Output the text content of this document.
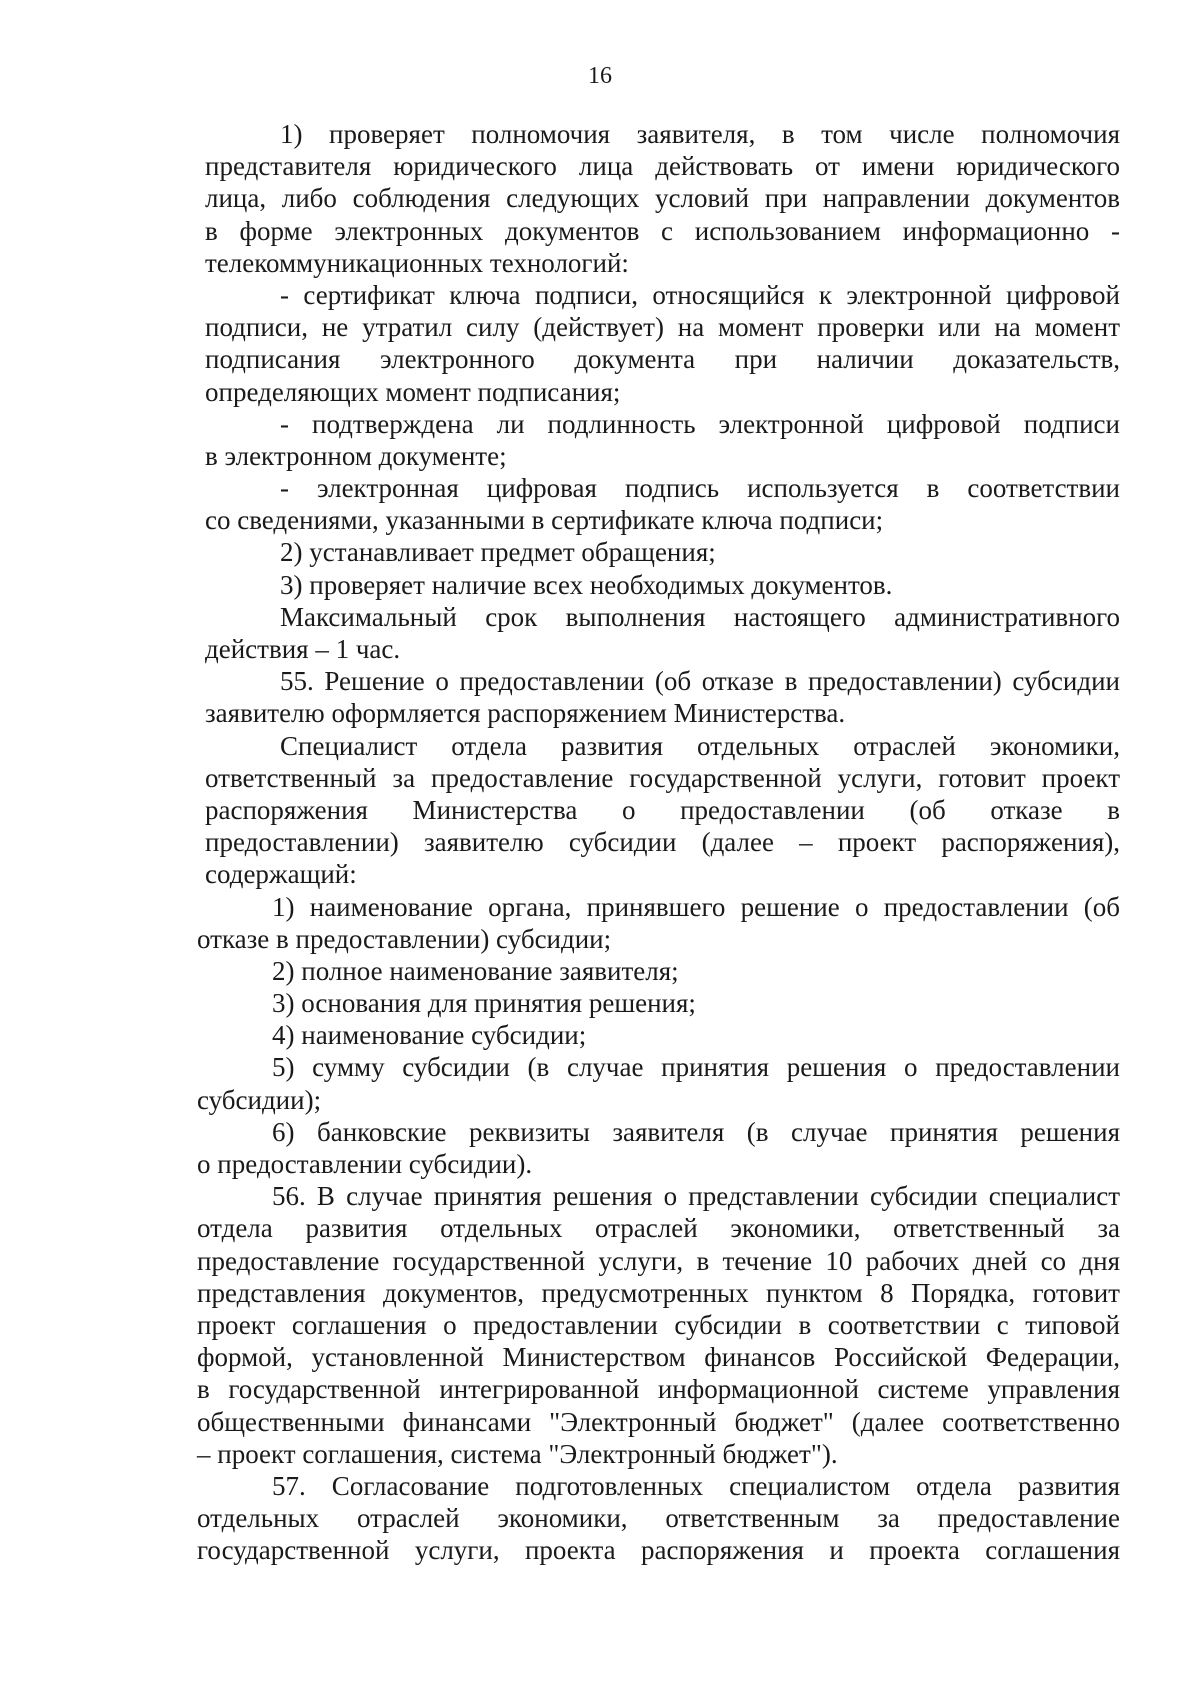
16
1) проверяет полномочия заявителя, в том числе полномочия
представителя юридического лица действовать от имени юридического
лица, либо соблюдения следующих условий при направлении документов
в форме электронных документов с использованием информационно -
телекоммуникационных технологий:
- сертификат ключа подписи, относящийся к электронной цифровой
подписи, не утратил силу (действует) на момент проверки или на момент
подписания электронного документа при наличии доказательств,
определяющих момент подписания;
- подтверждена ли подлинность электронной цифровой подписи
в электронном документе;
- электронная цифровая подпись используется в соответствии
со сведениями, указанными в сертификате ключа подписи;
2) устанавливает предмет обращения;
3) проверяет наличие всех необходимых документов.
Максимальный срок выполнения настоящего административного
действия – 1 час.
55. Решение о предоставлении (об отказе в предоставлении) субсидии
заявителю оформляется распоряжением Министерства.
Специалист отдела развития отдельных отраслей экономики,
ответственный за предоставление государственной услуги, готовит проект
распоряжения Министерства о предоставлении (об отказе в
предоставлении) заявителю субсидии (далее – проект распоряжения),
содержащий:
1) наименование органа, принявшего решение о предоставлении (об
отказе в предоставлении) субсидии;
2) полное наименование заявителя;
3) основания для принятия решения;
4) наименование субсидии;
5) сумму субсидии (в случае принятия решения о предоставлении
субсидии);
6) банковские реквизиты заявителя (в случае принятия решения
о предоставлении субсидии).
56. В случае принятия решения о представлении субсидии специалист
отдела развития отдельных отраслей экономики, ответственный за
предоставление государственной услуги, в течение 10 рабочих дней со дня
представления документов, предусмотренных пунктом 8 Порядка, готовит
проект соглашения о предоставлении субсидии в соответствии с типовой
формой, установленной Министерством финансов Российской Федерации,
в государственной интегрированной информационной системе управления
общественными финансами "Электронный бюджет" (далее соответственно
– проект соглашения, система "Электронный бюджет").
57. Согласование подготовленных специалистом отдела развития
отдельных отраслей экономики, ответственным за предоставление
государственной услуги, проекта распоряжения и проекта соглашения
